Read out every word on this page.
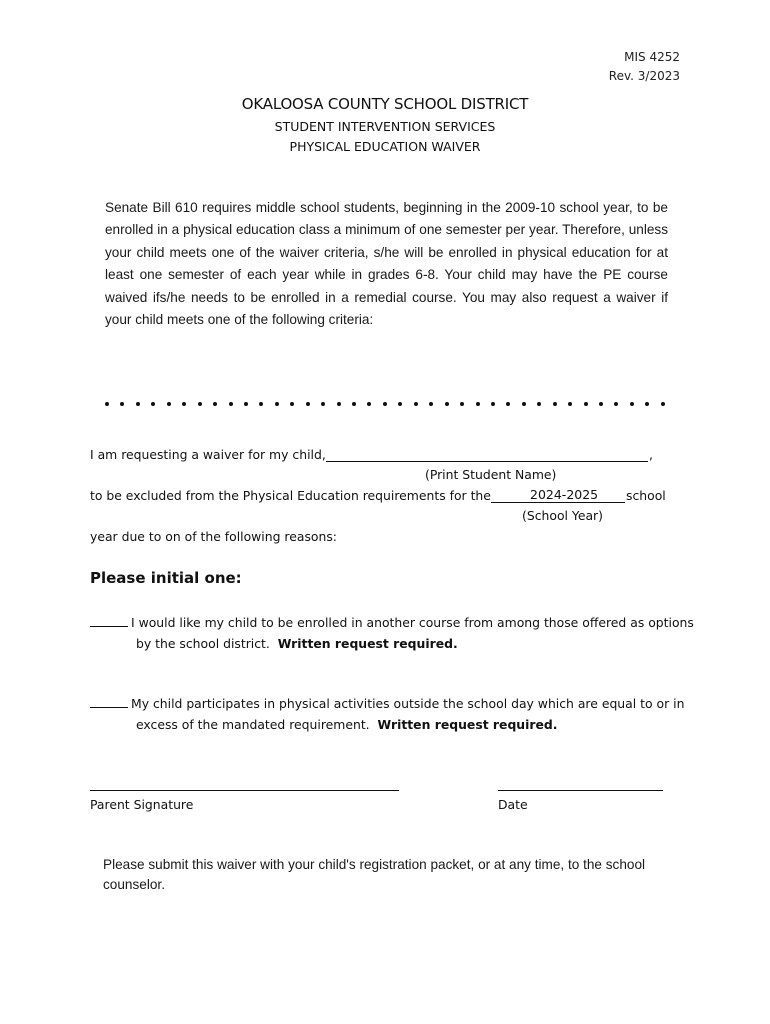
MIS 4252
Rev. 3/2023
OKALOOSA COUNTY SCHOOL DISTRICT
STUDENT INTERVENTION SERVICES
PHYSICAL EDUCATION WAIVER
Senate Bill 610 requires middle school students, beginning in the 2009-10 school year, to be enrolled in a physical education class a minimum of one semester per year. Therefore, unless your child meets one of the waiver criteria, s/he will be enrolled in physical education for at least one semester of each year while in grades 6-8. Your child may have the PE course waived ifs/he needs to be enrolled in a remedial course. You may also request a waiver if your child meets one of the following criteria:
I am requesting a waiver for my child,	,
(Print Student Name)
to be excluded from the Physical Education requirements for the	2024-2025 school
(School Year)
year due to on of the following reasons:
Please initial one:
I would like my child to be enrolled in another course from among those offered as options
by the school district. Written request required.
My child participates in physical activities outside the school day which are equal to or in
excess of the mandated requirement. Written request required.
Parent Signature	Date
Please submit this waiver with your child's registration packet, or at any time, to the school counselor.
